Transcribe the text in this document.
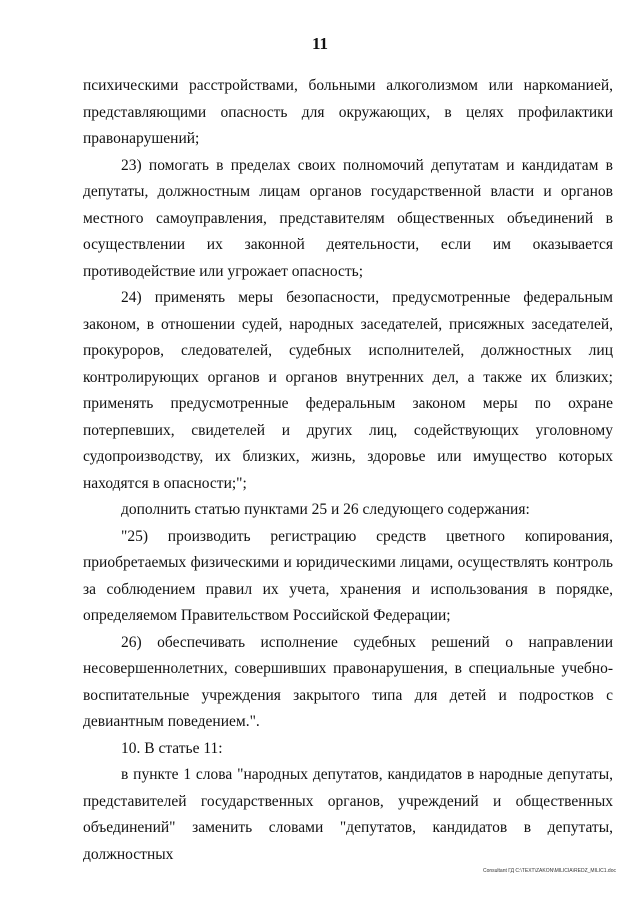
11

психическими расстройствами, больными алкоголизмом или наркоманией, представляющими опасность для окружающих, в целях профилактики правонарушений;

23) помогать в пределах своих полномочий депутатам и кандидатам в депутаты, должностным лицам органов государственной власти и органов местного самоуправления, представителям общественных объединений в осуществлении их законной деятельности, если им оказывается противодействие или угрожает опасность;

24) применять меры безопасности, предусмотренные федеральным законом, в отношении судей, народных заседателей, присяжных заседателей, прокуроров, следователей, судебных исполнителей, должностных лиц контролирующих органов и органов внутренних дел, а также их близких; применять предусмотренные федеральным законом меры по охране потерпевших, свидетелей и других лиц, содействующих уголовному судопроизводству, их близких, жизнь, здоровье или имущество которых находятся в опасности;";

дополнить статью пунктами 25 и 26 следующего содержания:

"25) производить регистрацию средств цветного копирования, приобретаемых физическими и юридическими лицами, осуществлять контроль за соблюдением правил их учета, хранения и использования в порядке, определяемом Правительством Российской Федерации;

26) обеспечивать исполнение судебных решений о направлении несовершеннолетних, совершивших правонарушения, в специальные учебно-воспитательные учреждения закрытого типа для детей и подростков с девиантным поведением.".

10. В статье 11:

в пункте 1 слова "народных депутатов, кандидатов в народные депутаты, представителей государственных органов, учреждений и общественных объединений" заменить словами "депутатов, кандидатов в депутаты, должностных

Consultant ГД C:\TEXT\ZAKON\MILICIA\REDZ_MILIC1.doc
